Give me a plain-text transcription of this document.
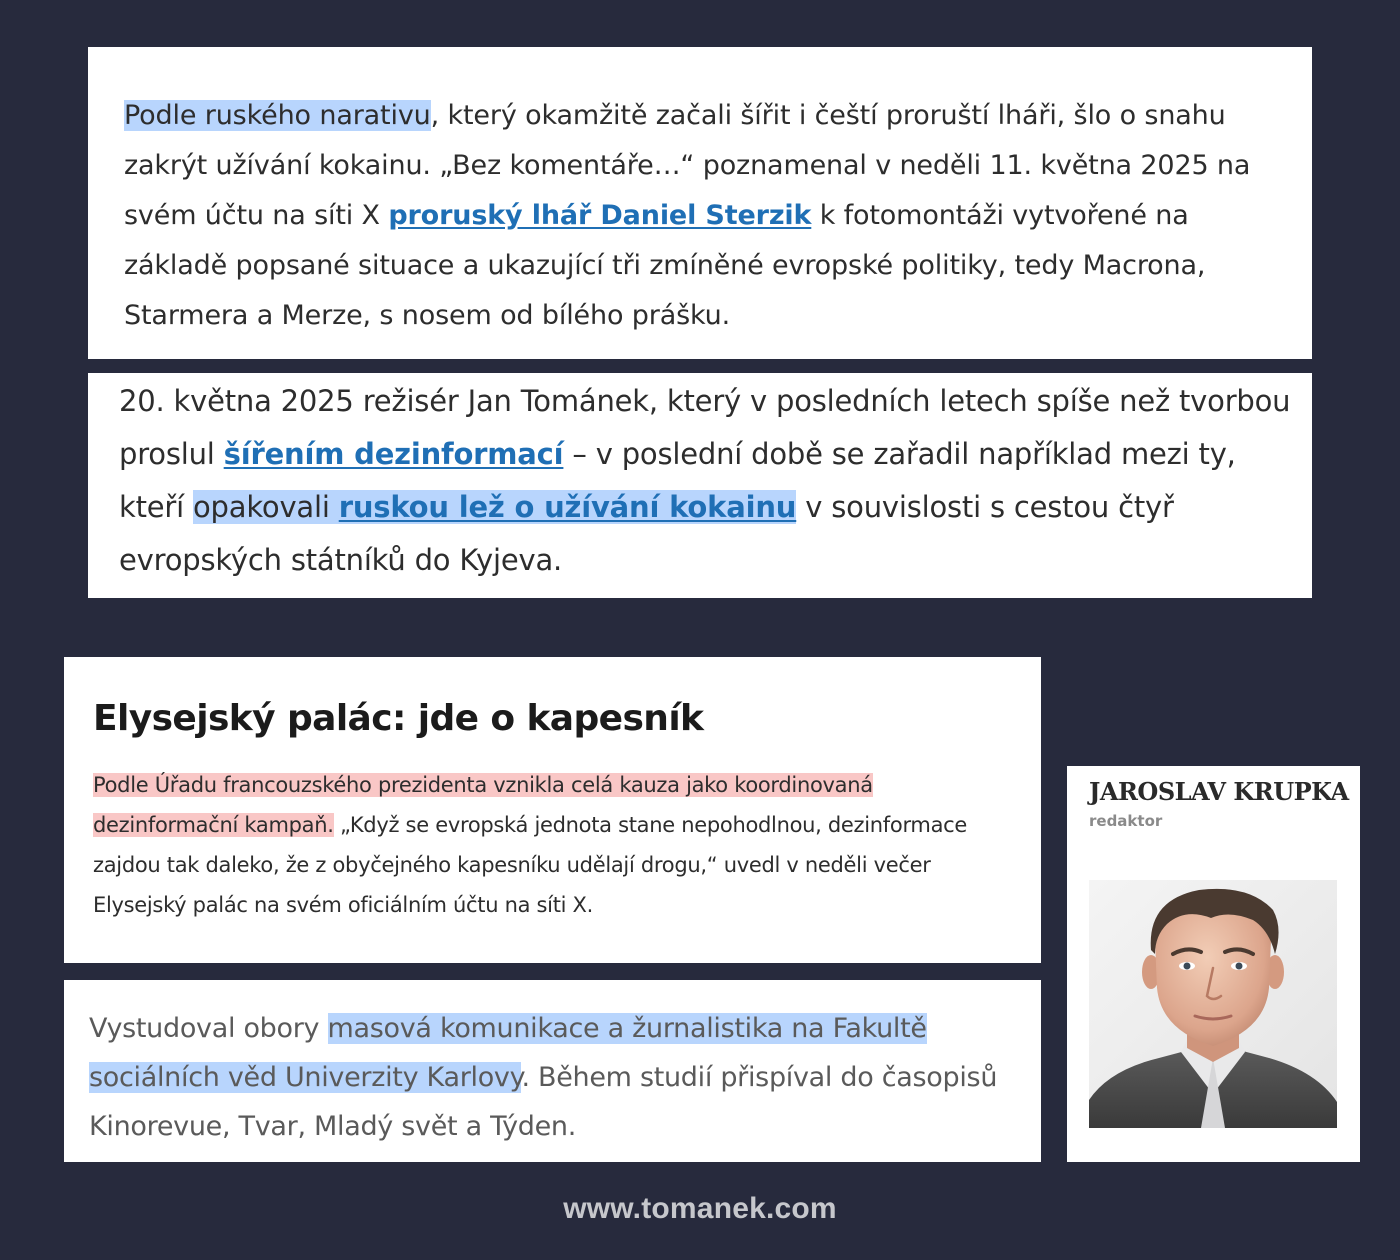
Podle ruského narativu, který okamžitě začali šířit i čeští proruští lháři, šlo o snahu zakrýt užívání kokainu. „Bez komentáře…“ poznamenal v neděli 11. května 2025 na svém účtu na síti X proruský lhář Daniel Sterzik k fotomontáži vytvořené na základě popsané situace a ukazující tři zmíněné evropské politiky, tedy Macrona, Starmera a Merze, s nosem od bílého prášku.

20. května 2025 režisér Jan Tománek, který v posledních letech spíše než tvorbou proslul šířením dezinformací – v poslední době se zařadil například mezi ty, kteří opakovali ruskou lež o užívání kokainu v souvislosti s cestou čtyř evropských státníků do Kyjeva.

Elysejský palác: jde o kapesník

Podle Úřadu francouzského prezidenta vznikla celá kauza jako koordinovaná dezinformační kampaň. „Když se evropská jednota stane nepohodlnou, dezinformace zajdou tak daleko, že z obyčejného kapesníku udělají drogu,“ uvedl v neděli večer Elysejský palác na svém oficiálním účtu na síti X.

Vystudoval obory masová komunikace a žurnalistika na Fakultě sociálních věd Univerzity Karlovy. Během studií přispíval do časopisů Kinorevue, Tvar, Mladý svět a Týden.

JAROSLAV KRUPKA
redaktor
www.tomanek.com
